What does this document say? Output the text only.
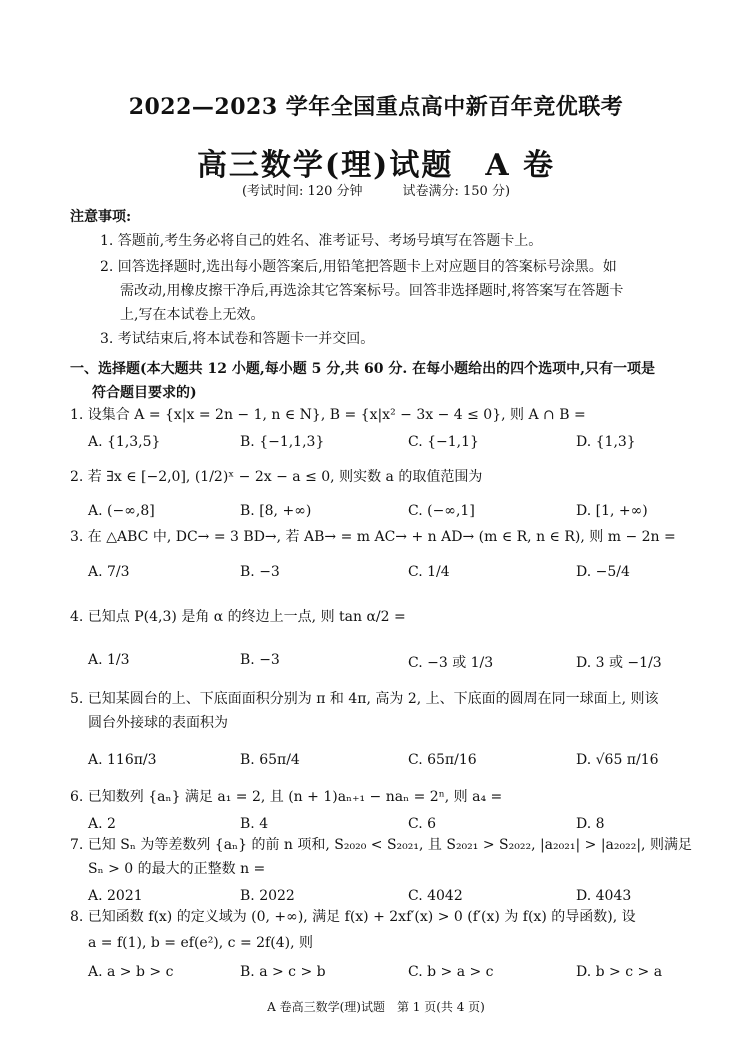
2022—2023 学年全国重点高中新百年竞优联考
高三数学(理)试题　A 卷
(考试时间: 120 分钟	试卷满分: 150 分)
注意事项:
1. 答题前,考生务必将自己的姓名、准考证号、考场号填写在答题卡上。
2. 回答选择题时,选出每小题答案后,用铅笔把答题卡上对应题目的答案标号涂黑。如
需改动,用橡皮擦干净后,再选涂其它答案标号。回答非选择题时,将答案写在答题卡
上,写在本试卷上无效。
3. 考试结束后,将本试卷和答题卡一并交回。
一、选择题(本大题共 12 小题,每小题 5 分,共 60 分. 在每小题给出的四个选项中,只有一项是
符合题目要求的)
1. 设集合 A = {x|x = 2n − 1, n ∈ N}, B = {x|x² − 3x − 4 ≤ 0}, 则 A ∩ B =
A. {1,3,5}	B. {−1,1,3}	C. {−1,1}	D. {1,3}
2. 若 ∃x ∈ [−2,0], (1/2)ˣ − 2x − a ≤ 0, 则实数 a 的取值范围为
A. (−∞,8]	B. [8, +∞)	C. (−∞,1]	D. [1, +∞)
3. 在 △ABC 中, DC→ = 3 BD→, 若 AB→ = m AC→ + n AD→ (m ∈ R, n ∈ R), 则 m − 2n =
A. 7/3	B. −3	C. 1/4	D. −5/4
4. 已知点 P(4,3) 是角 α 的终边上一点, 则 tan α/2 =
A. 1/3	B. −3	C. −3 或 1/3	D. 3 或 −1/3
5. 已知某圆台的上、下底面面积分别为 π 和 4π, 高为 2, 上、下底面的圆周在同一球面上, 则该
圆台外接球的表面积为
A. 116π/3	B. 65π/4	C. 65π/16	D. √65 π/16
6. 已知数列 {aₙ} 满足 a₁ = 2, 且 (n + 1)aₙ₊₁ − naₙ = 2ⁿ, 则 a₄ =
A. 2	B. 4	C. 6	D. 8
7. 已知 Sₙ 为等差数列 {aₙ} 的前 n 项和, S₂₀₂₀ < S₂₀₂₁, 且 S₂₀₂₁ > S₂₀₂₂, |a₂₀₂₁| > |a₂₀₂₂|, 则满足
Sₙ > 0 的最大的正整数 n =
A. 2021	B. 2022	C. 4042	D. 4043
8. 已知函数 f(x) 的定义域为 (0, +∞), 满足 f(x) + 2xf′(x) > 0 (f′(x) 为 f(x) 的导函数), 设
a = f(1), b = ef(e²), c = 2f(4), 则
A. a > b > c	B. a > c > b	C. b > a > c	D. b > c > a
A 卷高三数学(理)试题　第 1 页(共 4 页)
